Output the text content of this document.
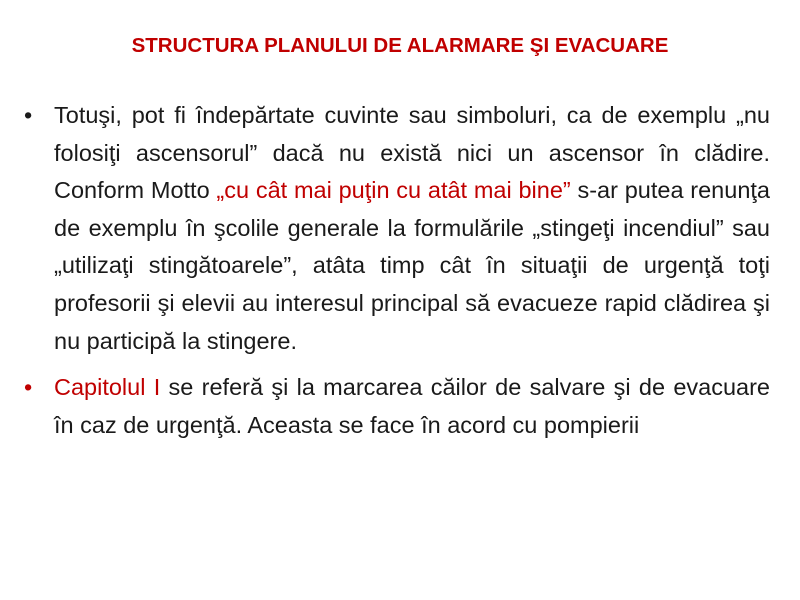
STRUCTURA PLANULUI DE ALARMARE ŞI EVACUARE
• Totuşi, pot fi îndepărtate cuvinte sau simboluri, ca de exemplu „nu folosiţi ascensorul” dacă nu există nici un ascensor în clădire. Conform Motto „cu cât mai puţin cu atât mai bine” s-ar putea renunţa de exemplu în şcolile generale la formulările „stingeţi incendiul” sau „utilizaţi stingătoarele”, atâta timp cât în situaţii de urgenţă toţi profesorii şi elevii au interesul principal să evacueze rapid clădirea şi nu participă la stingere.
• Capitolul I se referă şi la marcarea căilor de salvare şi de evacuare în caz de urgenţă. Aceasta se face în acord cu pompierii
